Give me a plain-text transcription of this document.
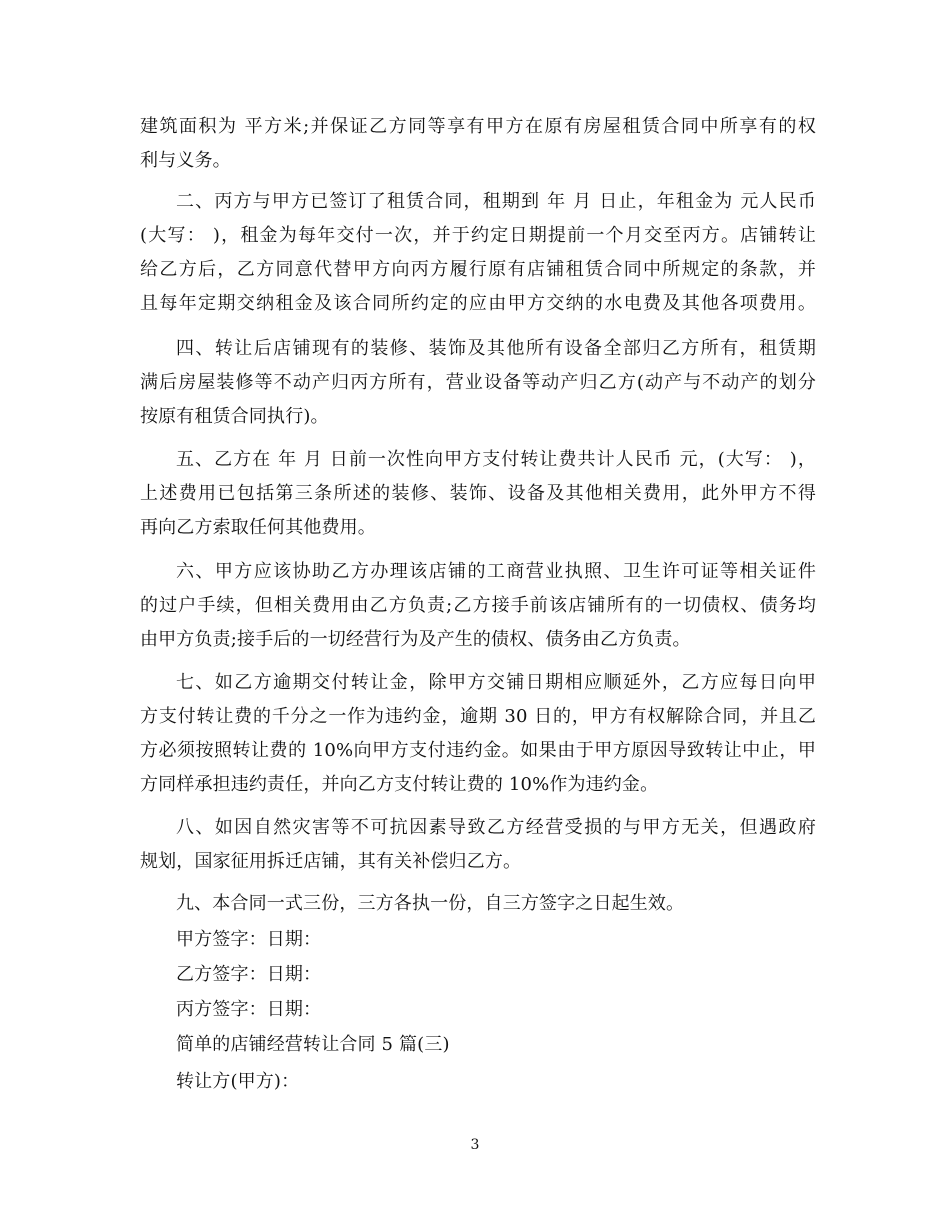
建筑面积为 平方米;并保证乙方同等享有甲方在原有房屋租赁合同中所享有的权
利与义务。
二、丙方与甲方已签订了租赁合同，租期到 年 月 日止，年租金为 元人民币
(大写： )，租金为每年交付一次，并于约定日期提前一个月交至丙方。店铺转让
给乙方后，乙方同意代替甲方向丙方履行原有店铺租赁合同中所规定的条款，并
且每年定期交纳租金及该合同所约定的应由甲方交纳的水电费及其他各项费用。
四、转让后店铺现有的装修、装饰及其他所有设备全部归乙方所有，租赁期
满后房屋装修等不动产归丙方所有，营业设备等动产归乙方(动产与不动产的划分
按原有租赁合同执行)。
五、乙方在 年 月 日前一次性向甲方支付转让费共计人民币 元，(大写： )，
上述费用已包括第三条所述的装修、装饰、设备及其他相关费用，此外甲方不得
再向乙方索取任何其他费用。
六、甲方应该协助乙方办理该店铺的工商营业执照、卫生许可证等相关证件
的过户手续，但相关费用由乙方负责;乙方接手前该店铺所有的一切债权、债务均
由甲方负责;接手后的一切经营行为及产生的债权、债务由乙方负责。
七、如乙方逾期交付转让金，除甲方交铺日期相应顺延外，乙方应每日向甲
方支付转让费的千分之一作为违约金，逾期 30 日的，甲方有权解除合同，并且乙
方必须按照转让费的 10%向甲方支付违约金。如果由于甲方原因导致转让中止，甲
方同样承担违约责任，并向乙方支付转让费的 10%作为违约金。
八、如因自然灾害等不可抗因素导致乙方经营受损的与甲方无关，但遇政府
规划，国家征用拆迁店铺，其有关补偿归乙方。
九、本合同一式三份，三方各执一份，自三方签字之日起生效。
甲方签字：日期：
乙方签字：日期：
丙方签字：日期：
简单的店铺经营转让合同 5 篇(三)
转让方(甲方)：
3
